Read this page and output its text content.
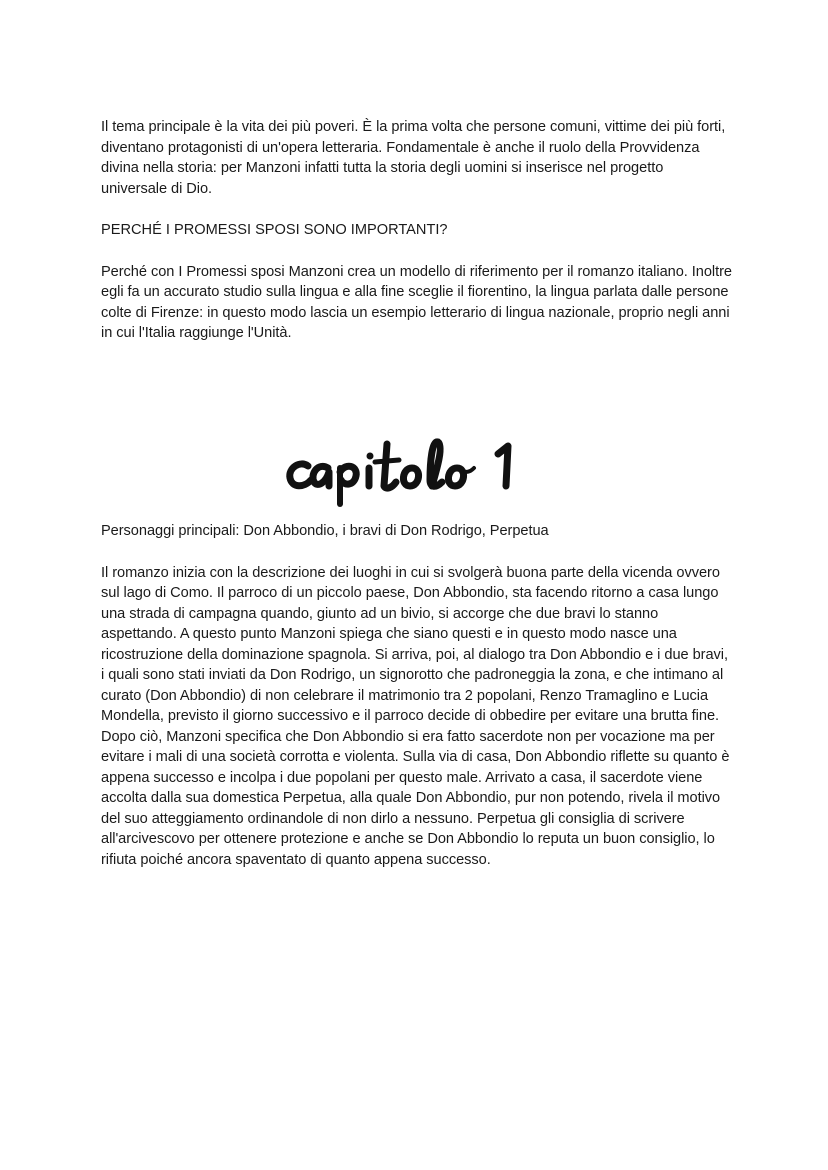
Il tema principale è la vita dei più poveri. È la prima volta che persone comuni, vittime dei più forti, diventano protagonisti di un'opera letteraria. Fondamentale è anche il ruolo della Provvidenza divina nella storia: per Manzoni infatti tutta la storia degli uomini si inserisce nel progetto universale di Dio.

PERCHÉ I PROMESSI SPOSI SONO IMPORTANTI?

Perché con I Promessi sposi Manzoni crea un modello di riferimento per il romanzo italiano. Inoltre egli fa un accurato studio sulla lingua e alla fine sceglie il fiorentino, la lingua parlata dalle persone colte di Firenze: in questo modo lascia un esempio letterario di lingua nazionale, proprio negli anni in cui l'Italia raggiunge l'Unità.

Personaggi principali: Don Abbondio, i bravi di Don Rodrigo, Perpetua

Il romanzo inizia con la descrizione dei luoghi in cui si svolgerà buona parte della vicenda ovvero sul lago di Como. Il parroco di un piccolo paese, Don Abbondio, sta facendo ritorno a casa lungo una strada di campagna quando, giunto ad un bivio, si accorge che due bravi lo stanno aspettando. A questo punto Manzoni spiega che siano questi e in questo modo nasce una ricostruzione della dominazione spagnola. Si arriva, poi, al dialogo tra Don Abbondio e i due bravi, i quali sono stati inviati da Don Rodrigo, un signorotto che padroneggia la zona, e che intimano al curato (Don Abbondio) di non celebrare il matrimonio tra 2 popolani, Renzo Tramaglino e Lucia Mondella, previsto il giorno successivo e il parroco decide di obbedire per evitare una brutta fine. Dopo ciò, Manzoni specifica che Don Abbondio si era fatto sacerdote non per vocazione ma per evitare i mali di una società corrotta e violenta. Sulla via di casa, Don Abbondio riflette su quanto è appena successo e incolpa i due popolani per questo male. Arrivato a casa, il sacerdote viene accolta dalla sua domestica Perpetua, alla quale Don Abbondio, pur non potendo, rivela il motivo del suo atteggiamento ordinandole di non dirlo a nessuno. Perpetua gli consiglia di scrivere all'arcivescovo per ottenere protezione e anche se Don Abbondio lo reputa un buon consiglio, lo rifiuta poiché ancora spaventato di quanto appena successo.
